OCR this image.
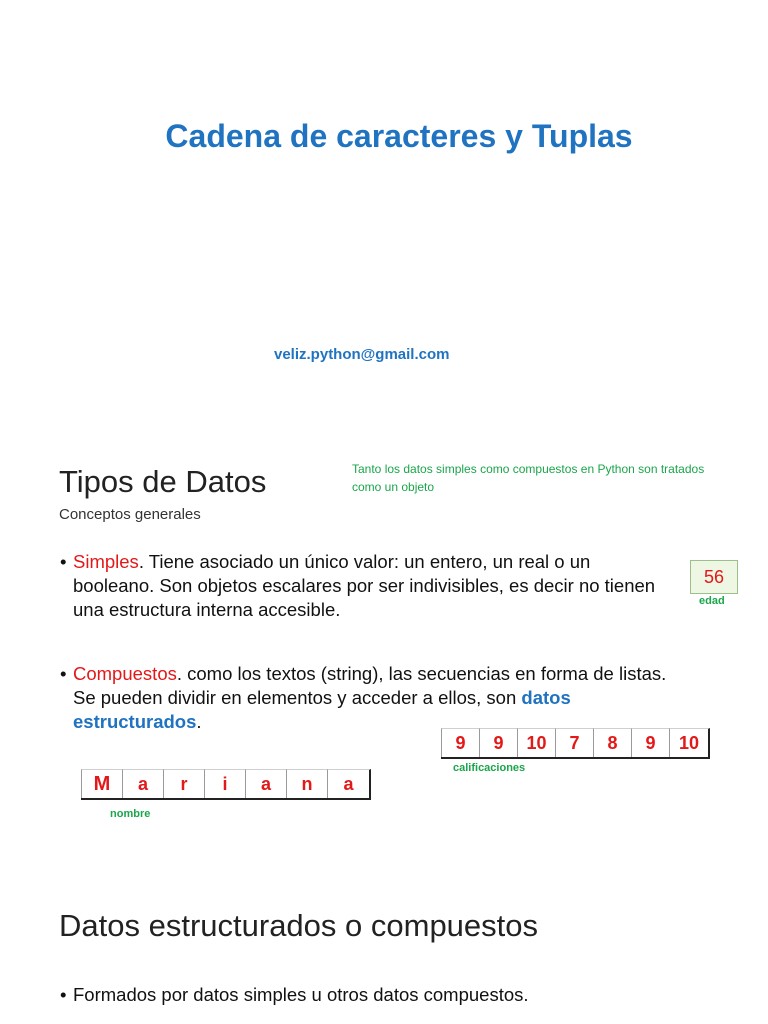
Cadena de caracteres y Tuplas
veliz.python@gmail.com
Tipos de Datos
Conceptos generales
Tanto los datos simples como compuestos en Python son tratados como un objeto
• Simples. Tiene asociado un único valor: un entero, un real o un booleano. Son objetos escalares por ser indivisibles, es decir no tienen una estructura interna accesible.
56
edad
• Compuestos. como los textos (string), las secuencias en forma de listas. Se pueden dividir en elementos y acceder a ellos, son datos estructurados.
9	9	10	7	8	9	10
calificaciones
M	a	r	i	a	n	a
nombre
Datos estructurados o compuestos
• Formados por datos simples u otros datos compuestos.
